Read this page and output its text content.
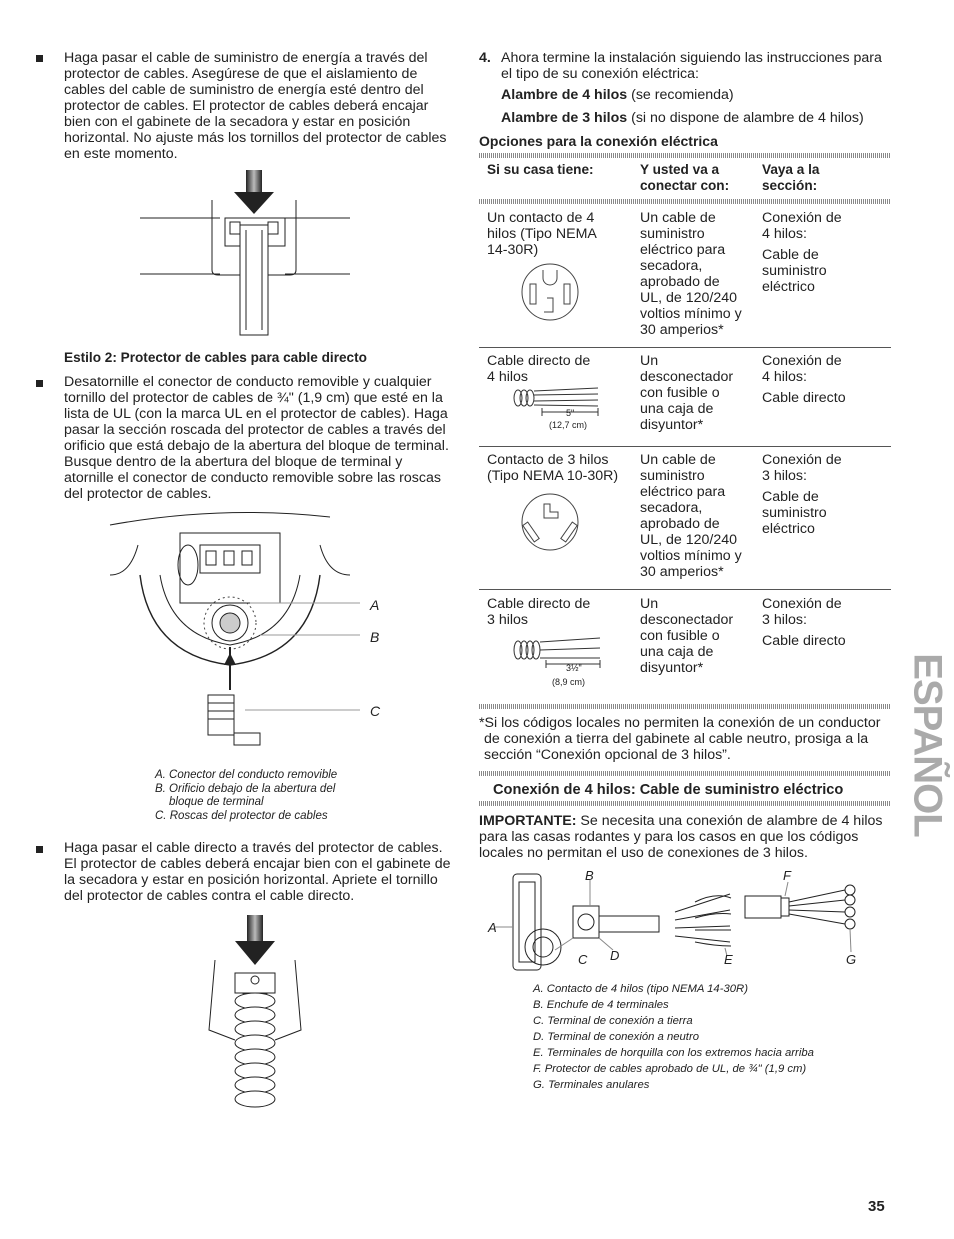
Haga pasar el cable de suministro de energía a través del
protector de cables. Asegúrese de que el aislamiento de
cables del cable de suministro de energía esté dentro del
protector de cables. El protector de cables deberá encajar
bien con el gabinete de la secadora y estar en posición
horizontal. No ajuste más los tornillos del protector de cables
en este momento.
Estilo 2: Protector de cables para cable directo
Desatornille el conector de conducto removible y cualquier
tornillo del protector de cables de ¾" (1,9 cm) que esté en la
lista de UL (con la marca UL en el protector de cables). Haga
pasar la sección roscada del protector de cables a través del
orificio que está debajo de la abertura del bloque de terminal.
Busque dentro de la abertura del bloque de terminal y
atornille el conector de conducto removible sobre las roscas
del protector de cables.
A
B
C
A. Conector del conducto removible
B. Orificio debajo de la abertura del
bloque de terminal
C. Roscas del protector de cables
Haga pasar el cable directo a través del protector de cables.
El protector de cables deberá encajar bien con el gabinete de
la secadora y estar en posición horizontal. Apriete el tornillo
del protector de cables contra el cable directo.
4. Ahora termine la instalación siguiendo las instrucciones para
el tipo de su conexión eléctrica:
Alambre de 4 hilos (se recomienda)
Alambre de 3 hilos (si no dispone de alambre de 4 hilos)
Opciones para la conexión eléctrica
Si su casa tiene:	Y usted va a
conectar con:
Vaya a la
sección:
Un contacto de 4
hilos (Tipo NEMA
14-30R)
Un cable de
suministro
eléctrico para
secadora,
aprobado de
UL, de 120/240
voltios mínimo y
30 amperios*
Conexión de
4 hilos:
Cable de
suministro
eléctrico
Cable directo de
4 hilos
5"
(12,7 cm)
Un
desconectador
con fusible o
una caja de
disyuntor*
Conexión de
4 hilos:
Cable directo
Contacto de 3 hilos
(Tipo NEMA 10-30R)
Un cable de
suministro
eléctrico para
secadora,
aprobado de
UL, de 120/240
voltios mínimo y
30 amperios*
Conexión de
3 hilos:
Cable de
suministro
eléctrico
Cable directo de
3 hilos
3½"
(8,9 cm)
Un
desconectador
con fusible o
una caja de
disyuntor*
Conexión de
3 hilos:
Cable directo
*Si los códigos locales no permiten la conexión de un conductor
de conexión a tierra del gabinete al cable neutro, prosiga a la
sección “Conexión opcional de 3 hilos”.
Conexión de 4 hilos: Cable de suministro eléctrico
IMPORTANTE: Se necesita una conexión de alambre de 4 hilos
para las casas rodantes y para los casos en que los códigos
locales no permitan el uso de conexiones de 3 hilos.
A
B
C D	E
F
G
A. Contacto de 4 hilos (tipo NEMA 14-30R)
B. Enchufe de 4 terminales
C. Terminal de conexión a tierra
D. Terminal de conexión a neutro
E. Terminales de horquilla con los extremos hacia arriba
F. Protector de cables aprobado de UL, de ¾" (1,9 cm)
G. Terminales anulares
ESPAÑOL
35
